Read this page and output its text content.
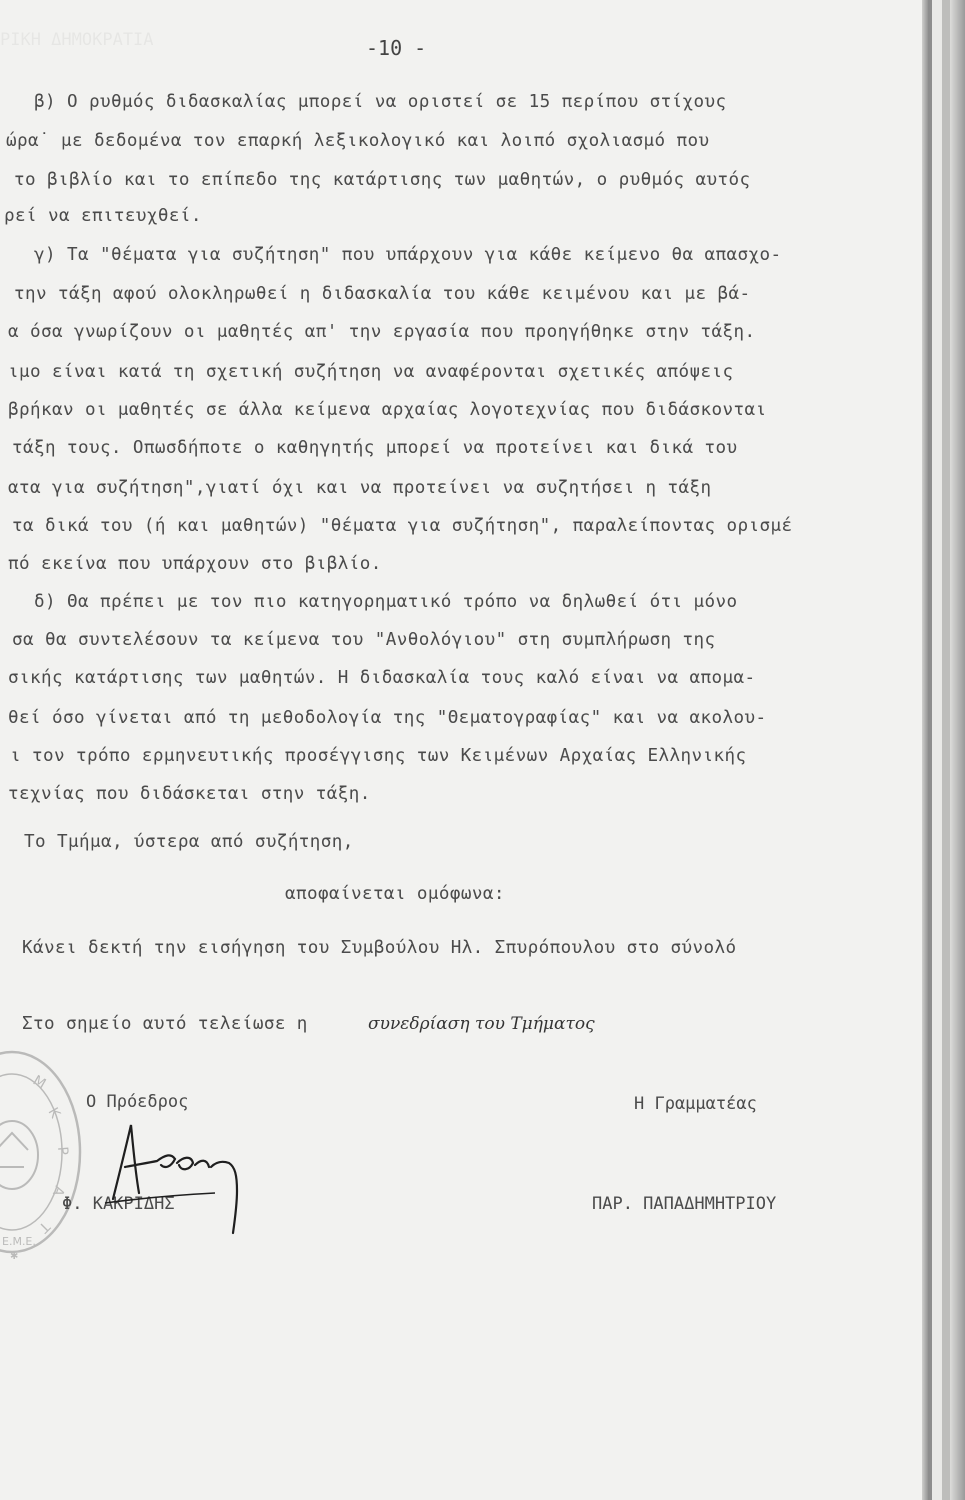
-10 -
β) Ο ρυθμός διδασκαλίας μπορεί να οριστεί σε 15 περίπου στίχους
ώρα˙ με δεδομένα τον επαρκή λεξικολογικό και λοιπό σχολιασμό που
το βιβλίο και το επίπεδο της κατάρτισης των μαθητών, ο ρυθμός αυτός
ρεί να επιτευχθεί.
γ) Τα "θέματα για συζήτηση" που υπάρχουν για κάθε κείμενο θα απασχο-
την τάξη αφού ολοκληρωθεί η διδασκαλία του κάθε κειμένου και με βά-
α όσα γνωρίζουν οι μαθητές απ' την εργασία που προηγήθηκε στην τάξη.
ιμο είναι κατά τη σχετική συζήτηση να αναφέρονται σχετικές απόψεις
βρήκαν οι μαθητές σε άλλα κείμενα αρχαίας λογοτεχνίας που διδάσκονται
τάξη τους. Οπωσδήποτε ο καθηγητής μπορεί να προτείνει και δικά του
ατα για συζήτηση",γιατί όχι και να προτείνει να συζητήσει η τάξη
τα δικά του (ή και μαθητών) "θέματα για συζήτηση", παραλείποντας ορισμέ
πό εκείνα που υπάρχουν στο βιβλίο.
δ) Θα πρέπει με τον πιο κατηγορηματικό τρόπο να δηλωθεί ότι μόνο
σα θα συντελέσουν τα κείμενα του "Ανθολόγιου" στη συμπλήρωση της
σικής κατάρτισης των μαθητών. Η διδασκαλία τους καλό είναι να απομα-
θεί όσο γίνεται από τη μεθοδολογία της "Θεματογραφίας" και να ακολου-
ι τον τρόπο ερμηνευτικής προσέγγισης των Κειμένων Αρχαίας Ελληνικής
τεχνίας που διδάσκεται στην τάξη.
Το Τμήμα, ύστερα από συζήτηση,
αποφαίνεται ομόφωνα:
Κάνει δεκτή την εισήγηση του Συμβούλου Ηλ. Σπυρόπουλου στο σύνολό
Στο σημείο αυτό τελείωσε η	συνεδρίαση του Τμήματος
Ο Πρόεδρος	Η Γραμματέας
Φ. ΚΑΚΡΙΔΗΣ	ΠΑΡ. ΠΑΠΑΔΗΜΗΤΡΙΟΥ
Μ
Κ
Ρ
Α
Τ
Ε.Μ.Ε.
✱
